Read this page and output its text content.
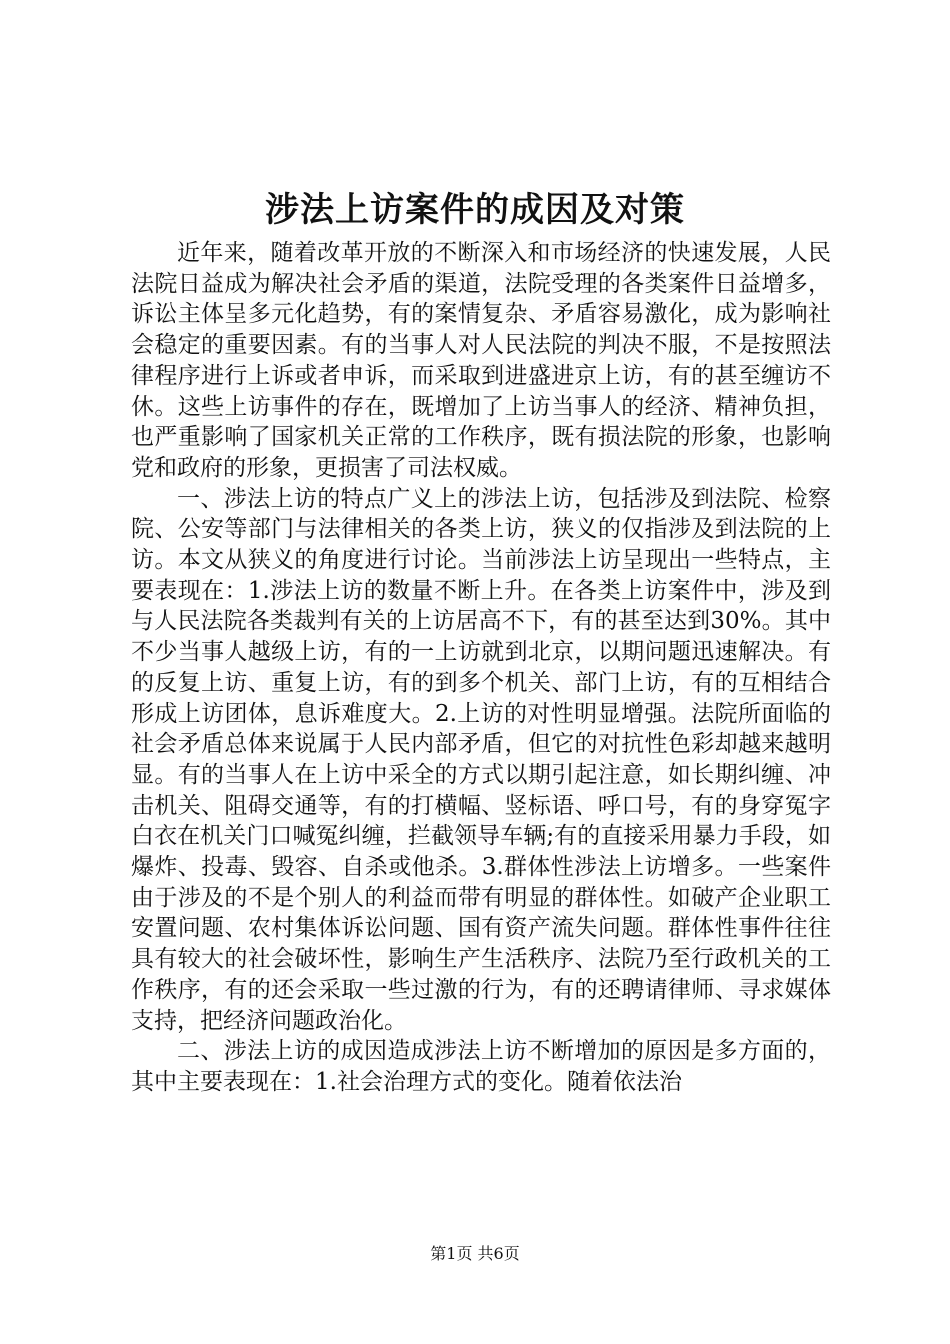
涉法上访案件的成因及对策

近年来，随着改革开放的不断深入和市场经济的快速发展，人民法院日益成为解决社会矛盾的渠道，法院受理的各类案件日益增多，诉讼主体呈多元化趋势，有的案情复杂、矛盾容易激化，成为影响社会稳定的重要因素。有的当事人对人民法院的判决不服，不是按照法律程序进行上诉或者申诉，而采取到进盛进京上访，有的甚至缠访不休。这些上访事件的存在，既增加了上访当事人的经济、精神负担，也严重影响了国家机关正常的工作秩序，既有损法院的形象，也影响党和政府的形象，更损害了司法权威。

一、涉法上访的特点广义上的涉法上访，包括涉及到法院、检察院、公安等部门与法律相关的各类上访，狭义的仅指涉及到法院的上访。本文从狭义的角度进行讨论。当前涉法上访呈现出一些特点，主要表现在：1.涉法上访的数量不断上升。在各类上访案件中，涉及到与人民法院各类裁判有关的上访居高不下，有的甚至达到30%。其中不少当事人越级上访，有的一上访就到北京，以期问题迅速解决。有的反复上访、重复上访，有的到多个机关、部门上访，有的互相结合形成上访团体，息诉难度大。2.上访的对性明显增强。法院所面临的社会矛盾总体来说属于人民内部矛盾，但它的对抗性色彩却越来越明显。有的当事人在上访中采全的方式以期引起注意，如长期纠缠、冲击机关、阻碍交通等，有的打横幅、竖标语、呼口号，有的身穿冤字白衣在机关门口喊冤纠缠，拦截领导车辆;有的直接采用暴力手段，如爆炸、投毒、毁容、自杀或他杀。3.群体性涉法上访增多。一些案件由于涉及的不是个别人的利益而带有明显的群体性。如破产企业职工安置问题、农村集体诉讼问题、国有资产流失问题。群体性事件往往具有较大的社会破坏性，影响生产生活秩序、法院乃至行政机关的工作秩序，有的还会采取一些过激的行为，有的还聘请律师、寻求媒体支持，把经济问题政治化。

二、涉法上访的成因造成涉法上访不断增加的原因是多方面的，其中主要表现在：1.社会治理方式的变化。随着依法治

第1页 共6页
